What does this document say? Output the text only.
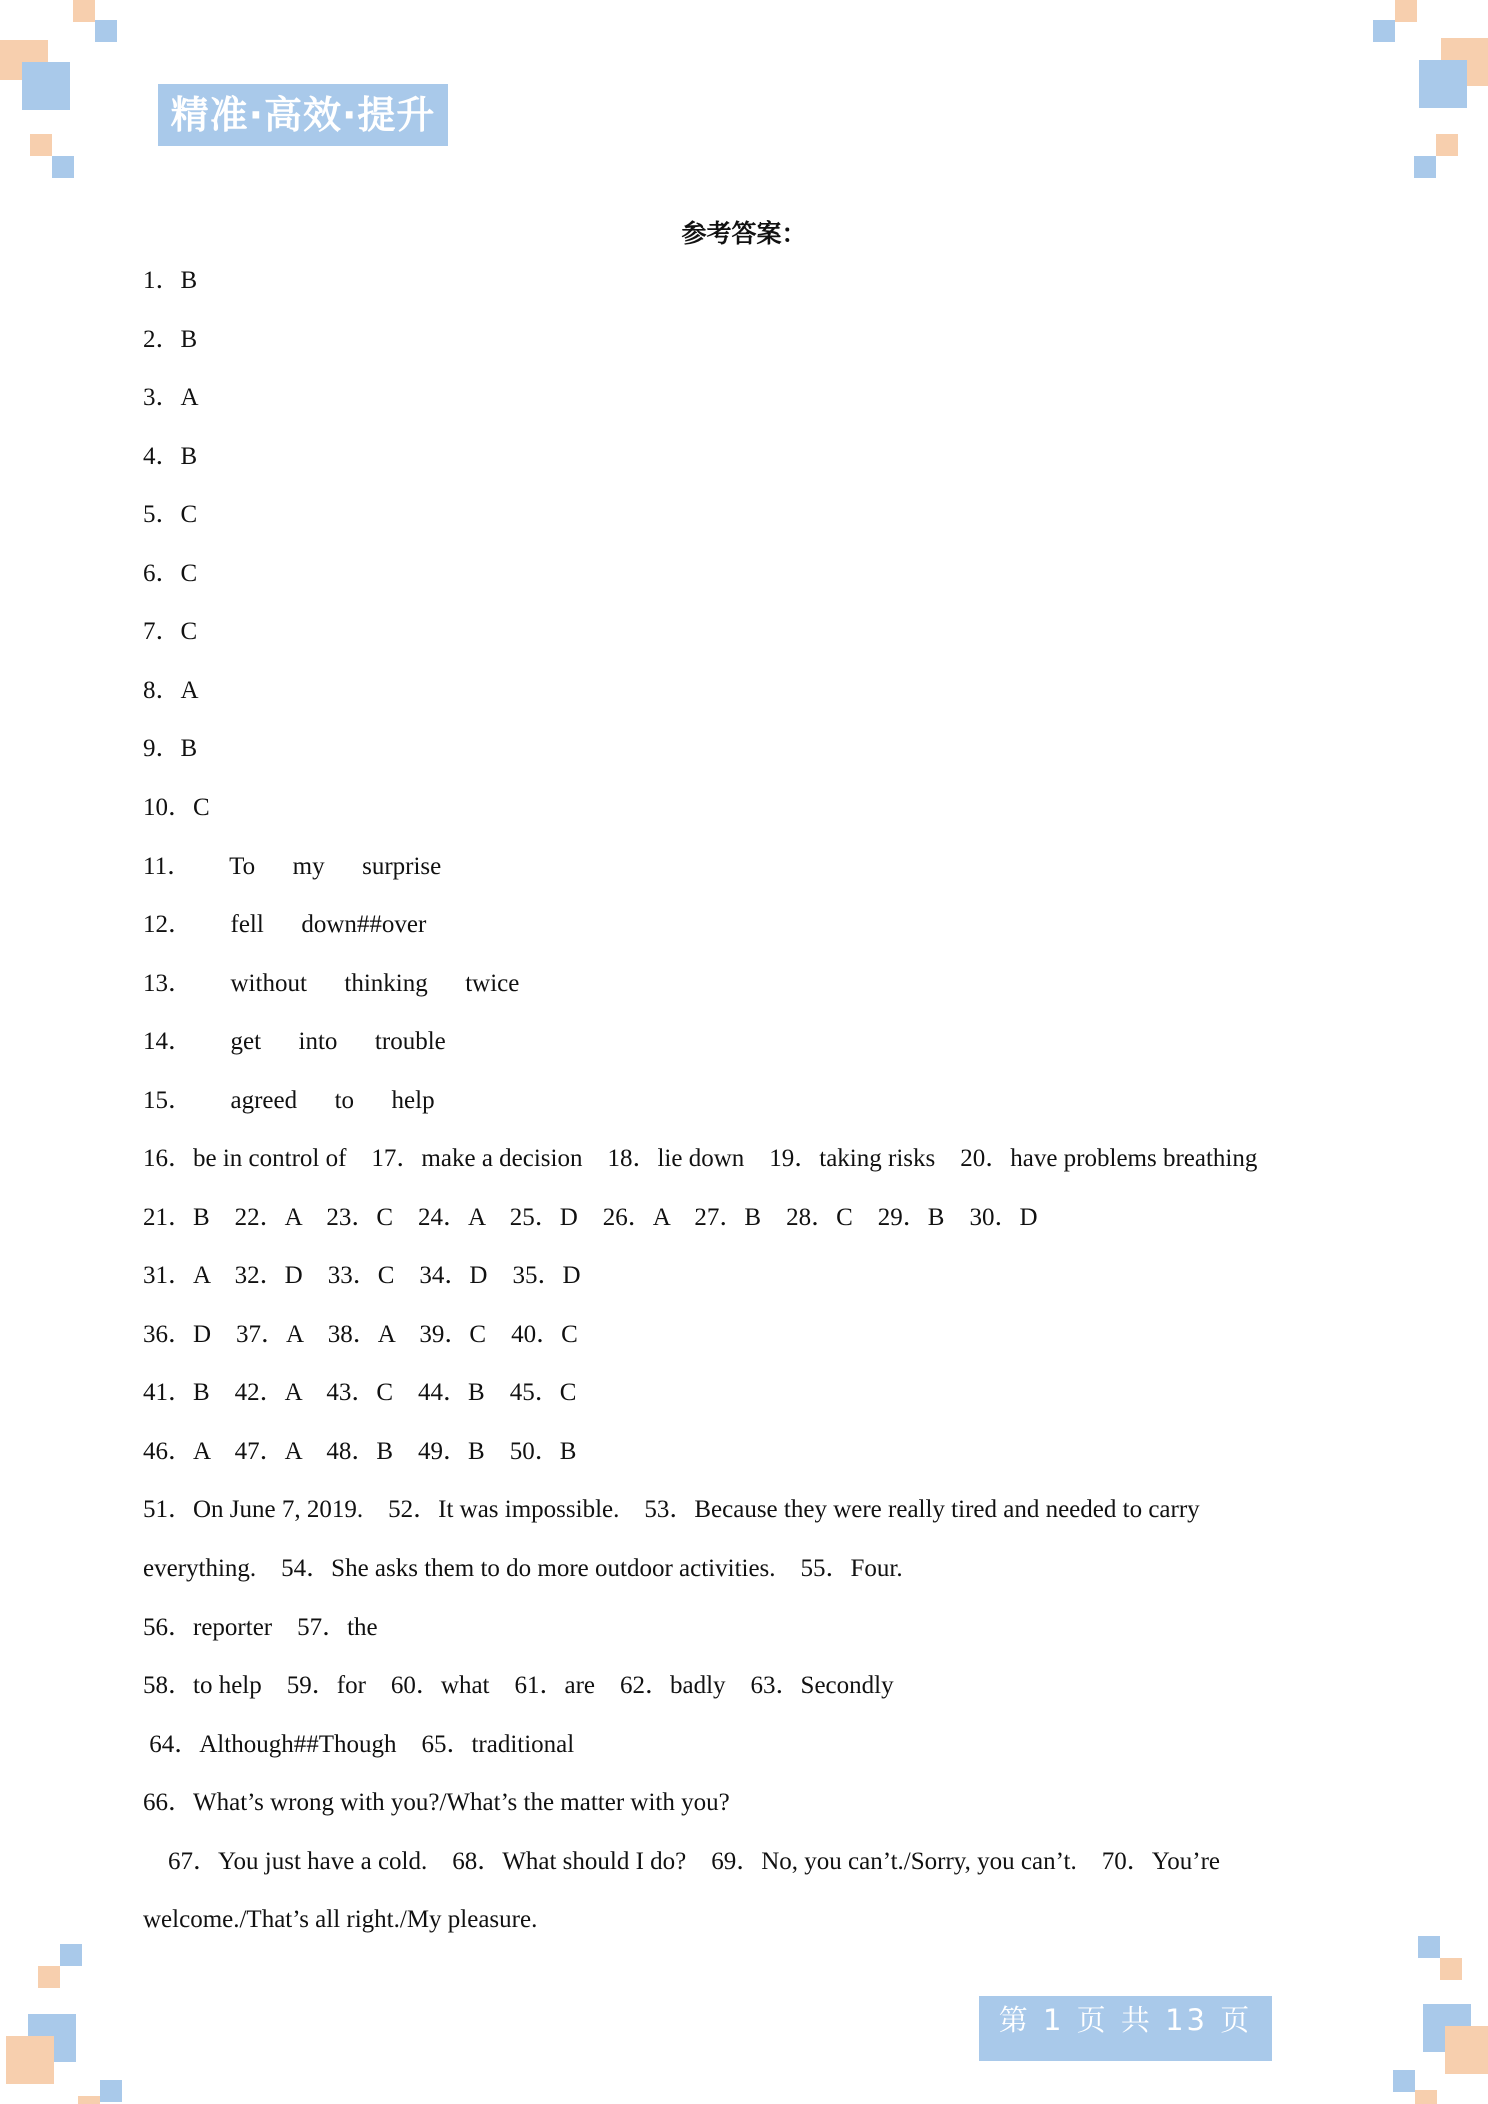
精准·高效·提升
参考答案：
1．B
2．B
3．A
4．B
5．C
6．C
7．C
8．A
9．B
10．C
11．      To      my      surprise
12．      fell      down##over
13．      without      thinking      twice
14．      get      into      trouble
15．      agreed      to      help
16．be in control of    17．make a decision    18．lie down    19．taking risks    20．have problems breathing
21．B    22．A    23．C    24．A    25．D    26．A    27．B    28．C    29．B    30．D
31．A    32．D    33．C    34．D    35．D
36．D    37．A    38．A    39．C    40．C
41．B    42．A    43．C    44．B    45．C
46．A    47．A    48．B    49．B    50．B
51．On June 7, 2019.    52．It was impossible.    53．Because they were really tired and needed to carry
everything.    54．She asks them to do more outdoor activities.    55．Four.
56．reporter    57．the
58．to help    59．for    60．what    61．are    62．badly    63．Secondly
64．Although##Though    65．traditional
66．What’s wrong with you?/What’s the matter with you?
67．You just have a cold.    68．What should I do?    69．No, you can’t./Sorry, you can’t.    70．You’re
welcome./That’s all right./My pleasure.
第 1 页 共 13 页
